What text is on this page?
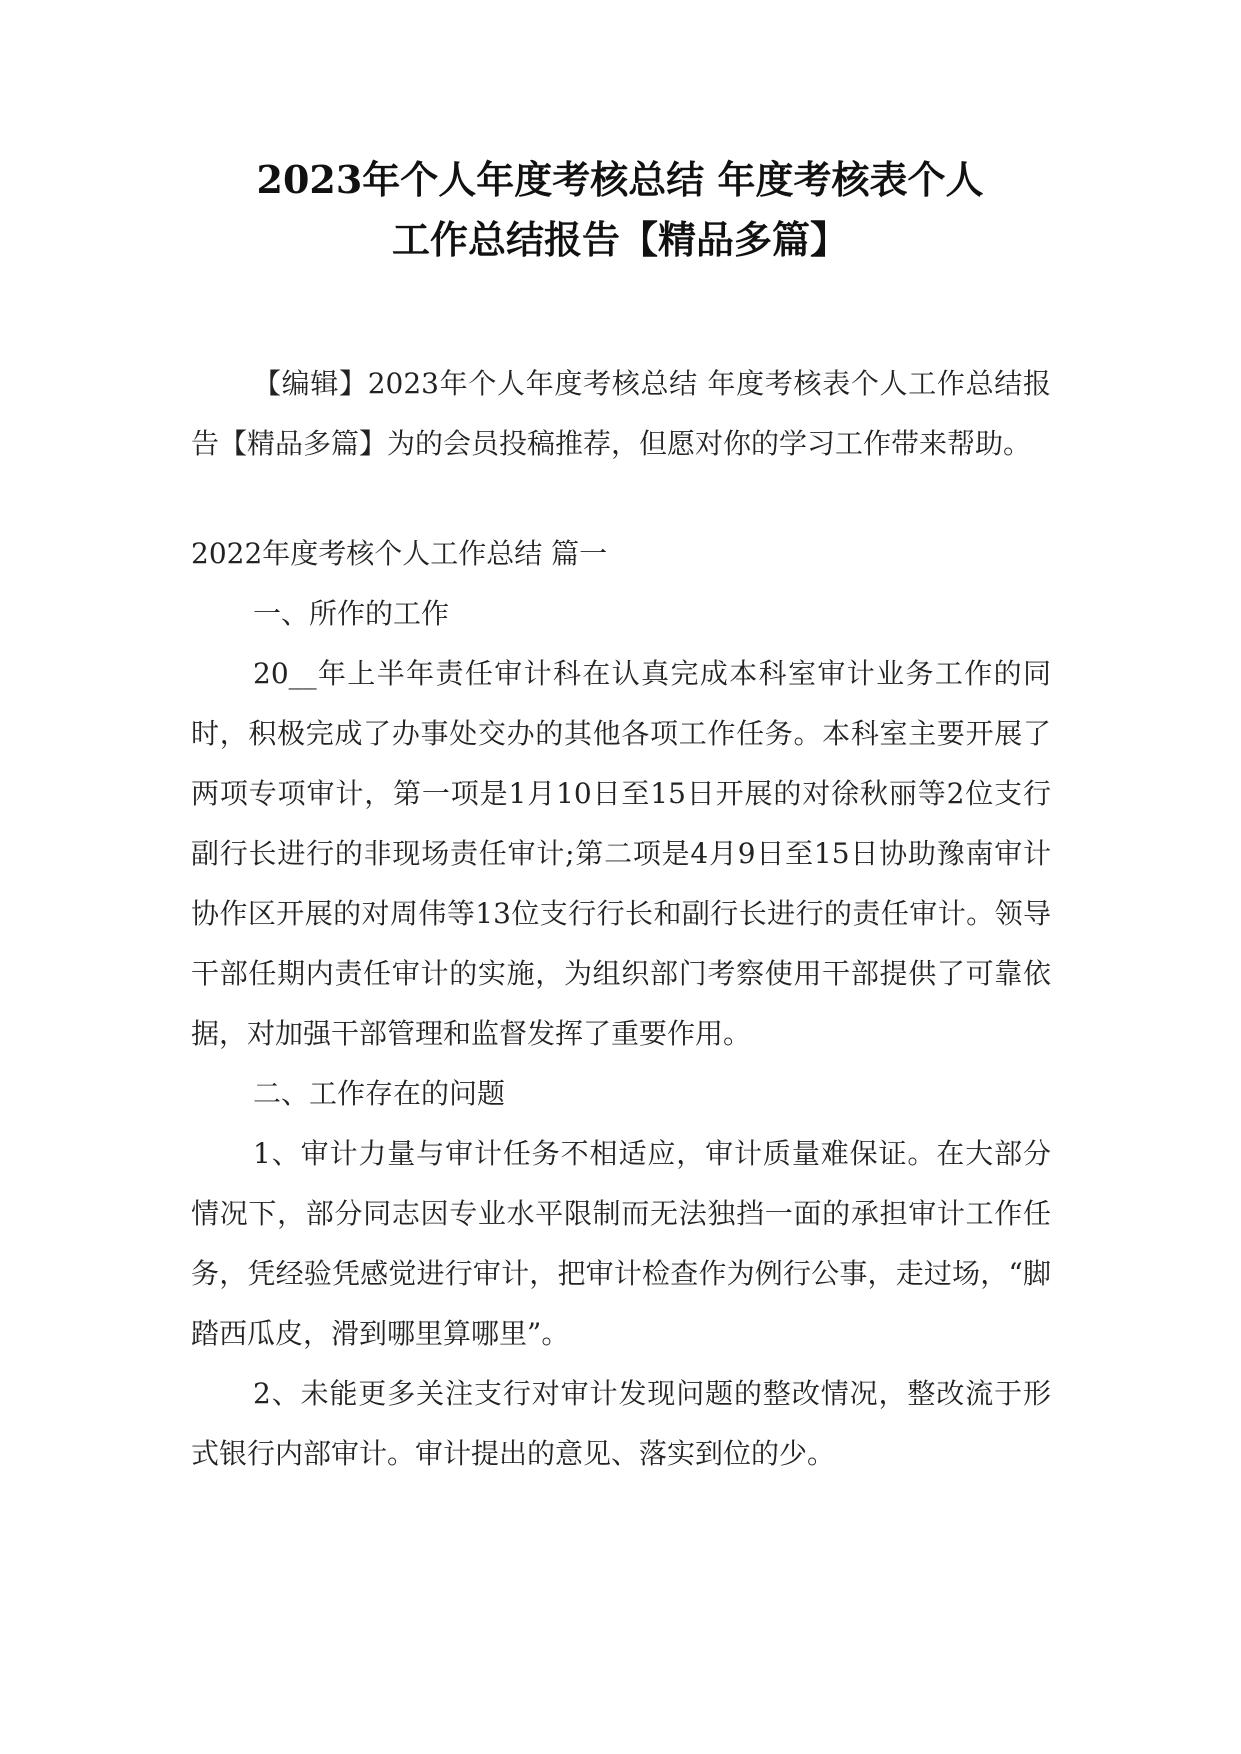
2023年个人年度考核总结 年度考核表个人
工作总结报告【精品多篇】

【编辑】2023年个人年度考核总结 年度考核表个人工作总结报告【精品多篇】为的会员投稿推荐，但愿对你的学习工作带来帮助。

2022年度考核个人工作总结 篇一

一、所作的工作

20__年上半年责任审计科在认真完成本科室审计业务工作的同时，积极完成了办事处交办的其他各项工作任务。本科室主要开展了两项专项审计，第一项是1月10日至15日开展的对徐秋丽等2位支行副行长进行的非现场责任审计;第二项是4月9日至15日协助豫南审计协作区开展的对周伟等13位支行行长和副行长进行的责任审计。领导干部任期内责任审计的实施，为组织部门考察使用干部提供了可靠依据，对加强干部管理和监督发挥了重要作用。

二、工作存在的问题

1、审计力量与审计任务不相适应，审计质量难保证。在大部分情况下，部分同志因专业水平限制而无法独挡一面的承担审计工作任务，凭经验凭感觉进行审计，把审计检查作为例行公事，走过场，“脚踏西瓜皮，滑到哪里算哪里”。

2、未能更多关注支行对审计发现问题的整改情况，整改流于形式银行内部审计。审计提出的意见、落实到位的少。
